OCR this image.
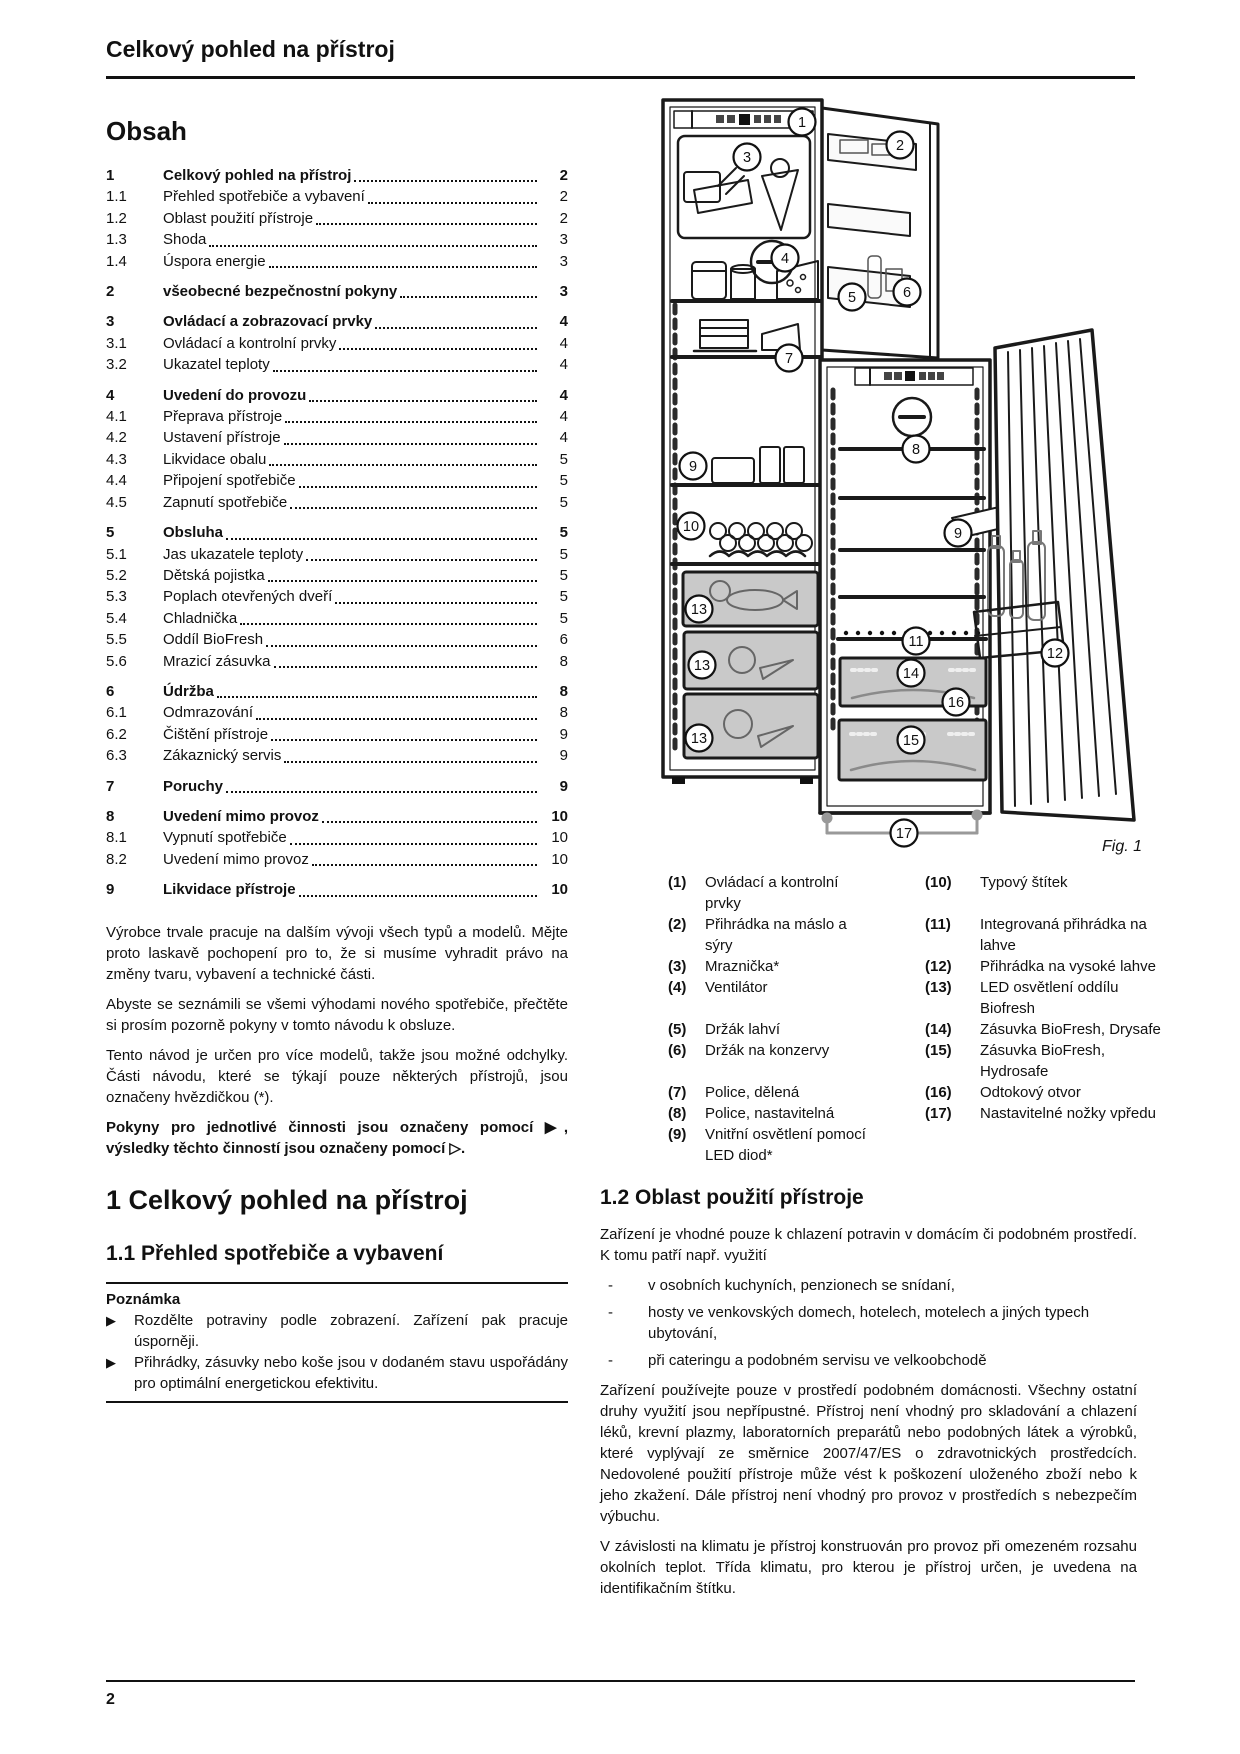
Celkový pohled na přístroj
Obsah
1	Celkový pohled na přístroj	2
1.1	Přehled spotřebiče a vybavení	2
1.2	Oblast použití přístroje	2
1.3	Shoda	3
1.4	Úspora energie	3
2	všeobecné bezpečnostní pokyny	3
3	Ovládací a zobrazovací prvky	4
3.1	Ovládací a kontrolní prvky	4
3.2	Ukazatel teploty	4
4	Uvedení do provozu	4
4.1	Přeprava přístroje	4
4.2	Ustavení přístroje	4
4.3	Likvidace obalu	5
4.4	Připojení spotřebiče	5
4.5	Zapnutí spotřebiče	5
5	Obsluha	5
5.1	Jas ukazatele teploty	5
5.2	Dětská pojistka	5
5.3	Poplach otevřených dveří	5
5.4	Chladnička	5
5.5	Oddíl BioFresh	6
5.6	Mrazicí zásuvka	8
6	Údržba	8
6.1	Odmrazování	8
6.2	Čištění přístroje	9
6.3	Zákaznický servis	9
7	Poruchy	9
8	Uvedení mimo provoz	10
8.1	Vypnutí spotřebiče	10
8.2	Uvedení mimo provoz	10
9	Likvidace přístroje	10

Výrobce trvale pracuje na dalším vývoji všech typů a modelů. Mějte proto laskavě pochopení pro to, že si musíme vyhradit právo na změny tvaru, vybavení a technické části.

Abyste se seznámili se všemi výhodami nového spotřebiče, přečtěte si prosím pozorně pokyny v tomto návodu k obsluze.

Tento návod je určen pro více modelů, takže jsou možné odchylky. Části návodu, které se týkají pouze některých přístrojů, jsou označeny hvězdičkou (*).

Pokyny pro jednotlivé činnosti jsou označeny pomocí ▶, výsledky těchto činností jsou označeny pomocí ▷.

1 Celkový pohled na přístroj
1.1 Přehled spotřebiče a vybavení
Poznámka
▶ Rozdělte potraviny podle zobrazení. Zařízení pak pracuje úsporněji.
▶ Přihrádky, zásuvky nebo koše jsou v dodaném stavu uspořádány pro optimální energetickou efektivitu.
1
2
3
4
5	6
7
9
10
13
13
13
8
9
11
12
14
16
15
17
Fig. 1
(1)	Ovládací a kontrolní prvky
(10)	Typový štítek
(2)	Přihrádka na máslo a sýry
(11)	Integrovaná přihrádka na lahve
(3)	Mraznička*	(12)	Přihrádka na vysoké lahve
(4)	Ventilátor	(13)	LED osvětlení oddílu Biofresh
(5)	Držák lahví	(14)	Zásuvka BioFresh, Drysafe
(6)	Držák na konzervy	(15)	Zásuvka BioFresh, Hydrosafe
(7)	Police, dělená	(16)	Odtokový otvor
(8)	Police, nastavitelná	(17)	Nastavitelné nožky vpředu
(9)	Vnitřní osvětlení pomocí LED diod*
1.2 Oblast použití přístroje

Zařízení je vhodné pouze k chlazení potravin v domácím či podobném prostředí. K tomu patří např. využití

- v osobních kuchyních, penzionech se snídaní,
- hosty ve venkovských domech, hotelech, motelech a jiných typech ubytování,
- při cateringu a podobném servisu ve velkoobchodě

Zařízení používejte pouze v prostředí podobném domácnosti. Všechny ostatní druhy využití jsou nepřípustné. Přístroj není vhodný pro skladování a chlazení léků, krevní plazmy, laboratorních preparátů nebo podobných látek a výrobků, které vyplývají ze směrnice 2007/47/ES o zdravotnických prostředcích. Nedovolené použití přístroje může vést k poškození uloženého zboží nebo k jeho zkažení. Dále přístroj není vhodný pro provoz v prostředích s nebezpečím výbuchu.

V závislosti na klimatu je přístroj konstruován pro provoz při omezeném rozsahu okolních teplot. Třída klimatu, pro kterou je přístroj určen, je uvedena na identifikačním štítku.

2
